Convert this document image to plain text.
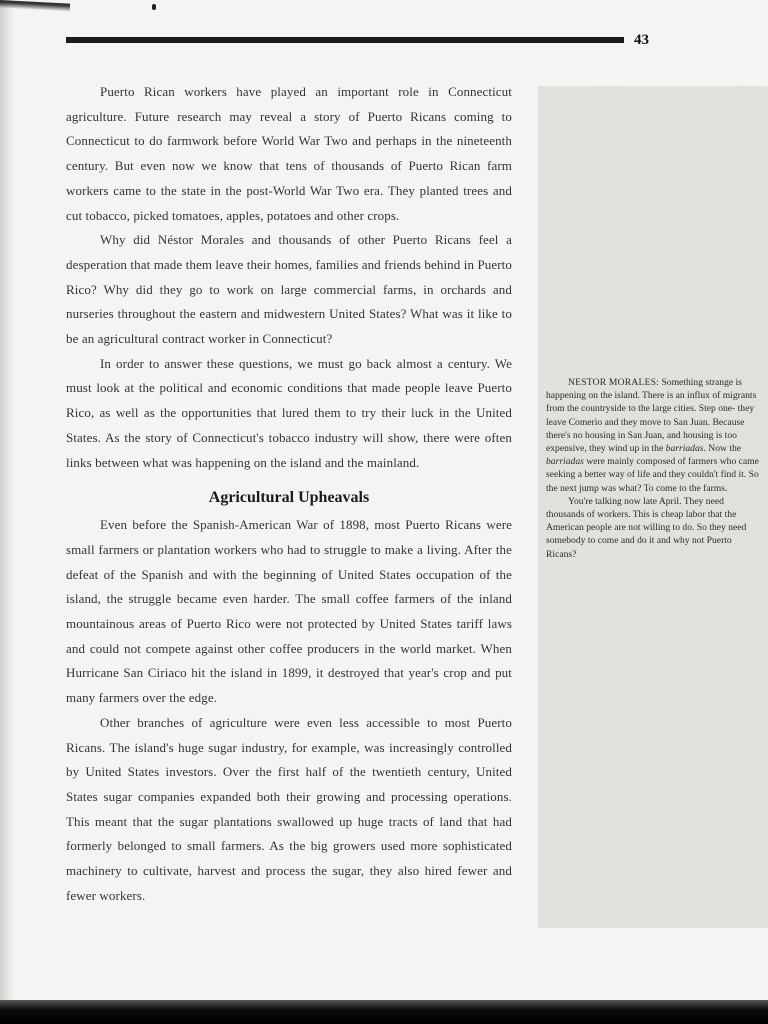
43

Puerto Rican workers have played an important role in Connecticut agriculture. Future research may reveal a story of Puerto Ricans coming to Connecticut to do farmwork before World War Two and perhaps in the nineteenth century. But even now we know that tens of thousands of Puerto Rican farm workers came to the state in the post-World War Two era. They planted trees and cut tobacco, picked tomatoes, apples, potatoes and other crops.

Why did Néstor Morales and thousands of other Puerto Ricans feel a desperation that made them leave their homes, families and friends behind in Puerto Rico? Why did they go to work on large commercial farms, in orchards and nurseries throughout the eastern and midwestern United States? What was it like to be an agricultural contract worker in Connecticut?

In order to answer these questions, we must go back almost a century. We must look at the political and economic conditions that made people leave Puerto Rico, as well as the opportunities that lured them to try their luck in the United States. As the story of Connecticut's tobacco industry will show, there were often links between what was happening on the island and the mainland.

Agricultural Upheavals

Even before the Spanish-American War of 1898, most Puerto Ricans were small farmers or plantation workers who had to struggle to make a living. After the defeat of the Spanish and with the beginning of United States occupation of the island, the struggle became even harder. The small coffee farmers of the inland mountainous areas of Puerto Rico were not protected by United States tariff laws and could not compete against other coffee producers in the world market. When Hurricane San Ciriaco hit the island in 1899, it destroyed that year's crop and put many farmers over the edge.

Other branches of agriculture were even less accessible to most Puerto Ricans. The island's huge sugar industry, for example, was increasingly controlled by United States investors. Over the first half of the twentieth century, United States sugar companies expanded both their growing and processing operations. This meant that the sugar plantations swallowed up huge tracts of land that had formerly belonged to small farmers. As the big growers used more sophisticated machinery to cultivate, harvest and process the sugar, they also hired fewer and fewer workers.

NESTOR MORALES: Something strange is happening on the island. There is an influx of migrants from the countryside to the large cities. Step one- they leave Comerio and they move to San Juan. Because there's no housing in San Juan, and housing is too expensive, they wind up in the barriadas. Now the barriadas were mainly composed of farmers who came seeking a better way of life and they couldn't find it. So the next jump was what? To come to the farms.

You're talking now late April. They need thousands of workers. This is cheap labor that the American people are not willing to do. So they need somebody to come and do it and why not Puerto Ricans?
